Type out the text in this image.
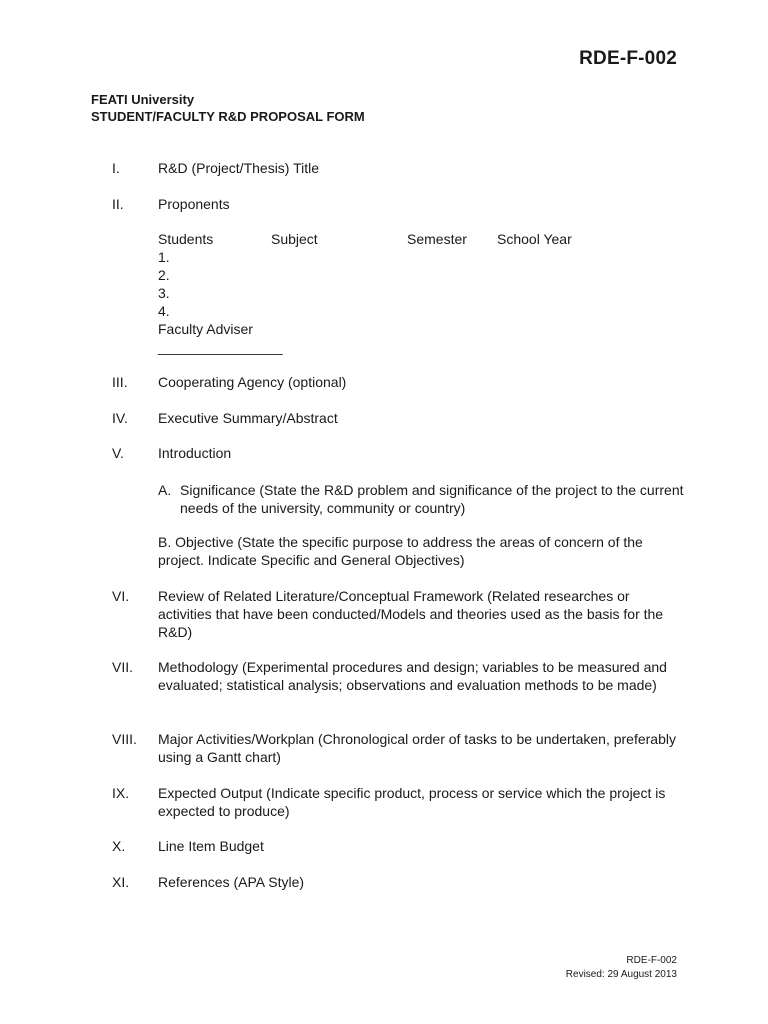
RDE-F-002
FEATI University
STUDENT/FACULTY R&D PROPOSAL FORM
I.	R&D (Project/Thesis) Title
II.	Proponents
Students	Subject	Semester School Year
1.
2.
3.
4.
Faculty Adviser
________________
III.	Cooperating Agency (optional)
IV.	Executive Summary/Abstract
V.	Introduction
A. Significance (State the R&D problem and significance of the project to the current needs of the university, community or country)
B. Objective (State the specific purpose to address the areas of concern of the project. Indicate Specific and General Objectives)
VI.	Review of Related Literature/Conceptual Framework (Related researches or activities that have been conducted/Models and theories used as the basis for the R&D)
VII.	Methodology (Experimental procedures and design; variables to be measured and evaluated; statistical analysis; observations and evaluation methods to be made)
VIII.	Major Activities/Workplan (Chronological order of tasks to be undertaken, preferably using a Gantt chart)
IX.	Expected Output (Indicate specific product, process or service which the project is expected to produce)
X.	Line Item Budget
XI.	References (APA Style)
RDE-F-002
Revised: 29 August 2013
